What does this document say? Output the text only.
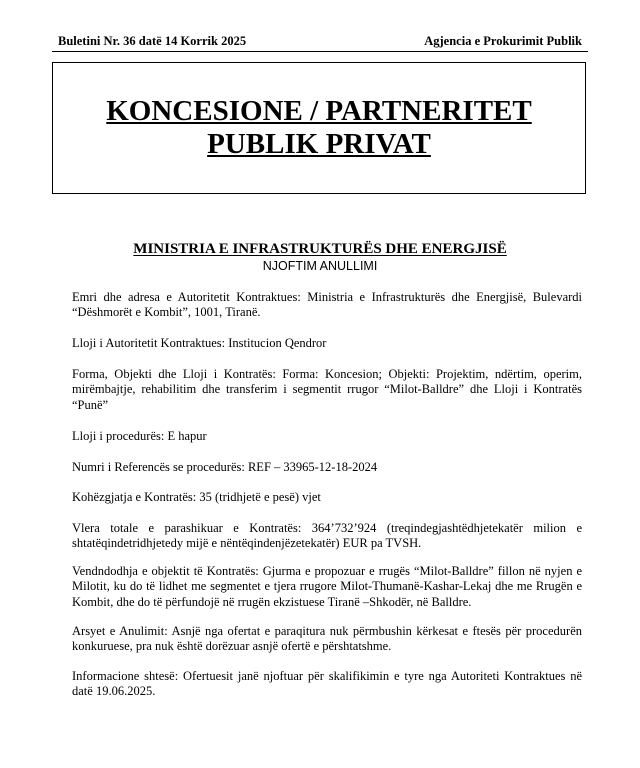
Buletini Nr. 36 datë 14 Korrik 2025	Agjencia e Prokurimit Publik
KONCESIONE / PARTNERITET
PUBLIK PRIVAT
MINISTRIA E INFRASTRUKTURËS DHE ENERGJISË
NJOFTIM ANULLIMI

Emri dhe adresa e Autoritetit Kontraktues: Ministria e Infrastrukturës dhe Energjisë, Bulevardi “Dëshmorët e Kombit”, 1001, Tiranë.

Lloji i Autoritetit Kontraktues: Institucion Qendror

Forma, Objekti dhe Lloji i Kontratës: Forma: Koncesion; Objekti: Projektim, ndërtim, operim, mirëmbajtje, rehabilitim dhe transferim i segmentit rrugor “Milot-Balldre” dhe Lloji i Kontratës “Punë”

Lloji i procedurës: E hapur

Numri i Referencës se procedurës: REF – 33965-12-18-2024

Kohëzgjatja e Kontratës: 35 (tridhjetë e pesë) vjet

Vlera totale e parashikuar e Kontratës: 364’732’924 (treqindegjashtëdhjetekatër milion e shtatëqindetridhjetedy mijë e nëntëqindenjëzetekatër) EUR pa TVSH.

Vendndodhja e objektit të Kontratës: Gjurma e propozuar e rrugës “Milot-Balldre” fillon në nyjen e Milotit, ku do të lidhet me segmentet e tjera rrugore Milot-Thumanë-Kashar-Lekaj dhe me Rrugën e Kombit, dhe do të përfundojë në rrugën ekzistuese Tiranë –Shkodër, në Balldre.

Arsyet e Anulimit: Asnjë nga ofertat e paraqitura nuk përmbushin kërkesat e ftesës për procedurën konkuruese, pra nuk është dorëzuar asnjë ofertë e përshtatshme.

Informacione shtesë: Ofertuesit janë njoftuar për skalifikimin e tyre nga Autoriteti Kontraktues në datë 19.06.2025.
